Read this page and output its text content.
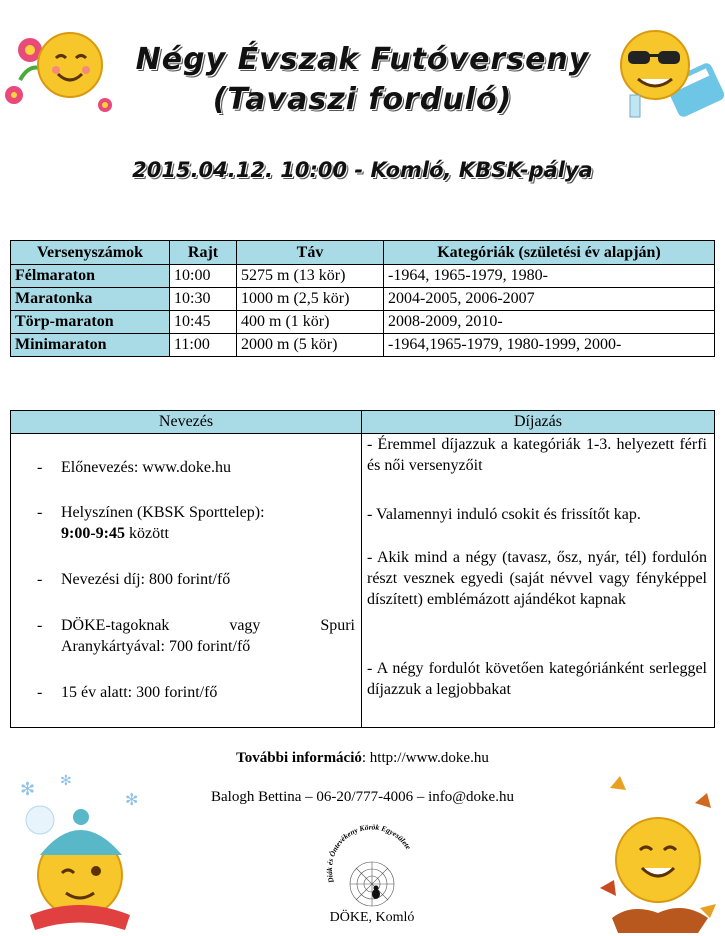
✻ ✻
✻
Négy Évszak Futóverseny
(Tavaszi forduló)
2015.04.12. 10:00 - Komló, KBSK-pálya
Versenyszámok	Rajt	Táv	Kategóriák (születési év alapján)
Félmaraton	10:00	5275 m (13 kör)	-1964, 1965-1979, 1980-
Maratonka	10:30	1000 m (2,5 kör)	2004-2005, 2006-2007
Törp-maraton	10:45	400 m (1 kör)	2008-2009, 2010-
Minimaraton	11:00	2000 m (5 kör)	-1964,1965-1979, 1980-1999, 2000-
Nevezés	Díjazás
- Előnevezés: www.doke.hu
- Helyszínen (KBSK Sporttelep):
9:00-9:45 között
- Nevezési díj: 800 forint/fő
- DÖKE-tagoknak vagy Spuri
Aranykártyával: 700 forint/fő
- 15 év alatt: 300 forint/fő
- Éremmel díjazzuk a kategóriák 1-3. helyezett férfi és női versenyzőit
- Valamennyi induló csokit és frissítőt kap.
- Akik mind a négy (tavasz, ősz, nyár, tél) fordulón részt vesznek egyedi (saját névvel vagy fényképpel díszített) emblémázott ajándékot kapnak
- A négy fordulót követően kategóriánként serleggel díjazzuk a legjobbakat
További információ: http://www.doke.hu
Balogh Bettina – 06-20/777-4006 – info@doke.hu
Diák és Öntevékeny Körök Egyesülete
DÖKE, Komló
